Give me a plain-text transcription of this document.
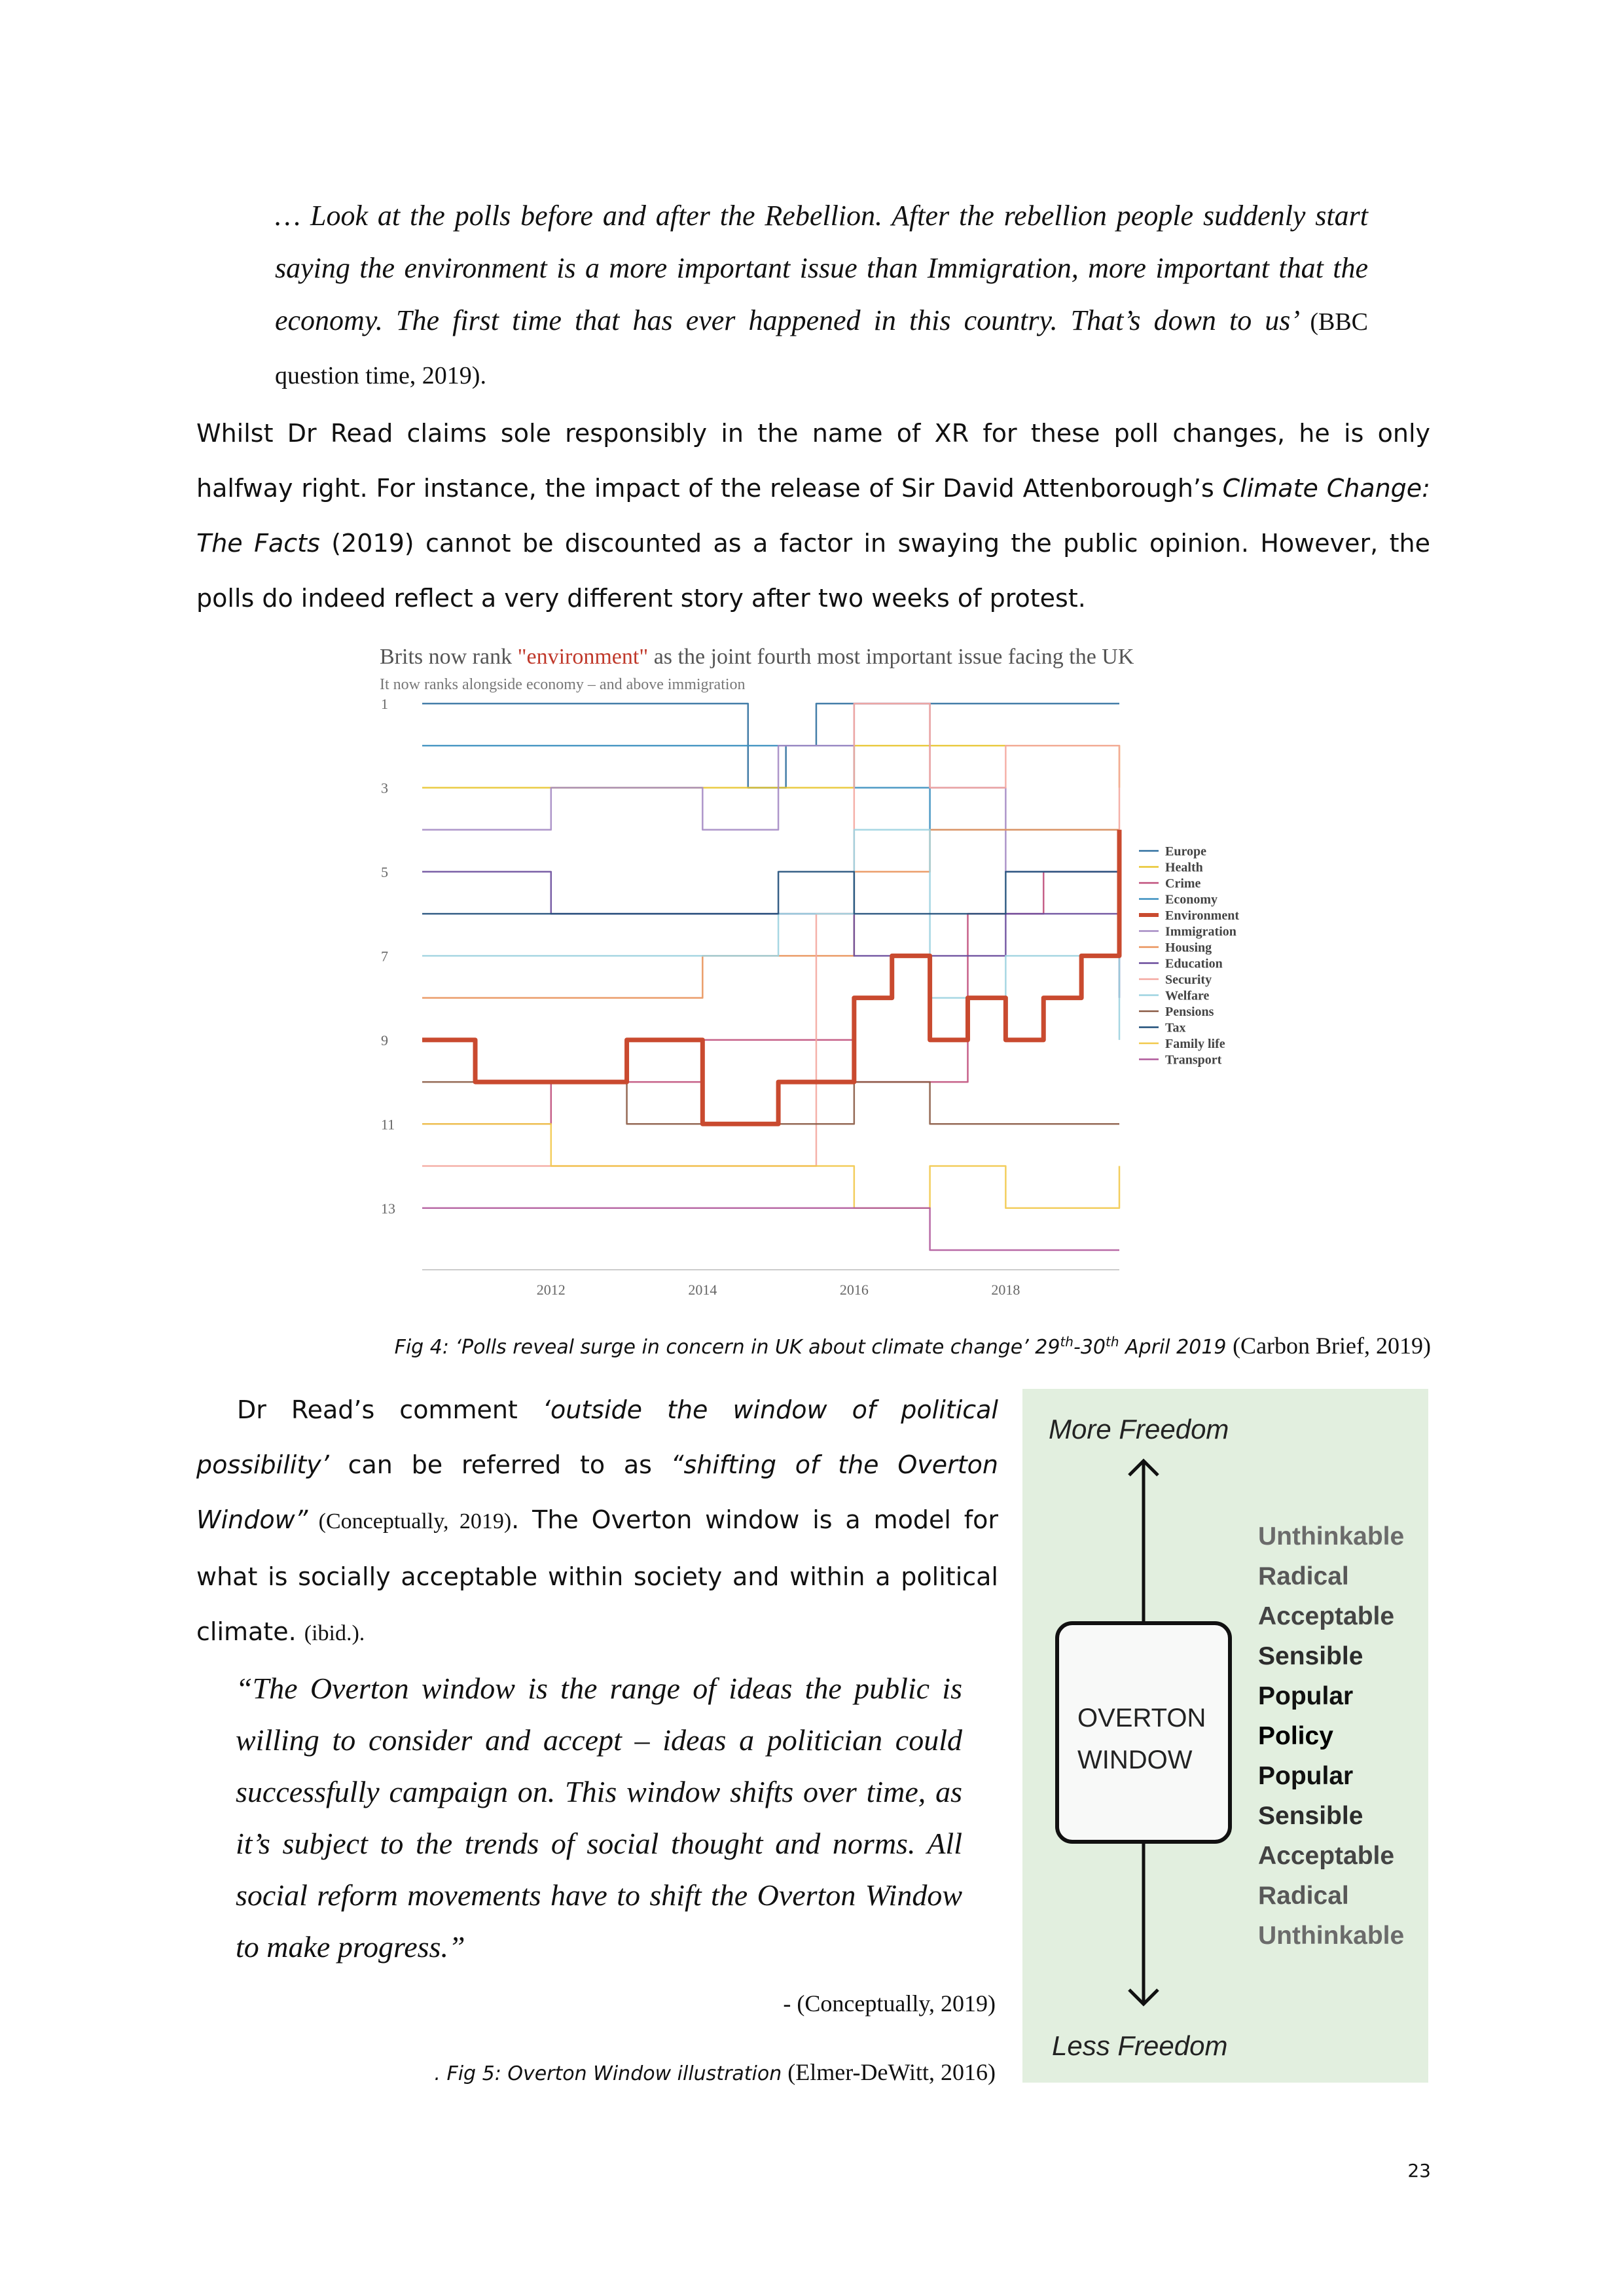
… Look at the polls before and after the Rebellion. After the rebellion people suddenly start saying the environment is a more important issue than Immigration, more important that the economy. The first time that has ever happened in this country. That’s down to us’ (BBC question time, 2019).
Whilst Dr Read claims sole responsibly in the name of XR for these poll changes, he is only halfway right. For instance, the impact of the release of Sir David Attenborough’s Climate Change: The Facts (2019) cannot be discounted as a factor in swaying the public opinion. However, the polls do indeed reflect a very different story after two weeks of protest.
Brits now rank "environment" as the joint fourth most important issue facing the UK
It now ranks alongside economy – and above immigration
1
3
5
7
9
11
13
2012	2014	2016	2018
Europe
Health
Crime
Economy
Environment
Immigration
Housing
Education
Security
Welfare
Pensions
Tax
Family life
Transport
Fig 4: ‘Polls reveal surge in concern in UK about climate change’ 29th-30th April 2019 (Carbon Brief, 2019)
Dr Read’s comment ‘outside the window of political possibility’ can be referred to as “shifting of the Overton Window” (Conceptually, 2019). The Overton window is a model for what is socially acceptable within society and within a political climate. (ibid.).
“The Overton window is the range of ideas the public is willing to consider and accept – ideas a politician could successfully campaign on. This window shifts over time, as it’s subject to the trends of social thought and norms. All social reform movements have to shift the Overton Window to make progress.”
- (Conceptually, 2019)
. Fig 5: Overton Window illustration (Elmer-DeWitt, 2016)
More Freedom
OVERTON
WINDOW
Unthinkable
Radical
Acceptable
Sensible
Popular
Policy
Popular
Sensible
Acceptable
Radical
Unthinkable
Less Freedom
23
